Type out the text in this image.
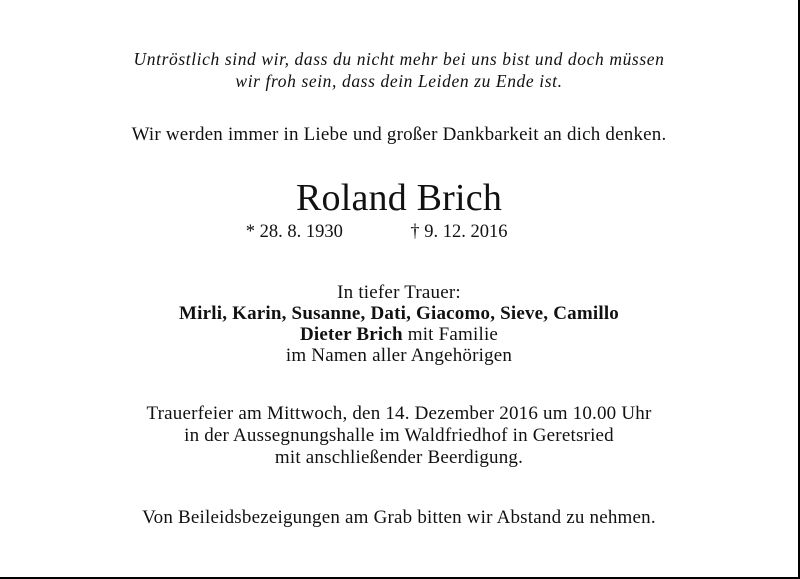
Untröstlich sind wir, dass du nicht mehr bei uns bist und doch müssen
wir froh sein, dass dein Leiden zu Ende ist.
Wir werden immer in Liebe und großer Dankbarkeit an dich denken.
Roland Brich
* 28. 8. 1930	† 9. 12. 2016
In tiefer Trauer:
Mirli, Karin, Susanne, Dati, Giacomo, Sieve, Camillo
Dieter Brich mit Familie
im Namen aller Angehörigen
Trauerfeier am Mittwoch, den 14. Dezember 2016 um 10.00 Uhr
in der Aussegnungshalle im Waldfriedhof in Geretsried
mit anschließender Beerdigung.
Von Beileidsbezeigungen am Grab bitten wir Abstand zu nehmen.
